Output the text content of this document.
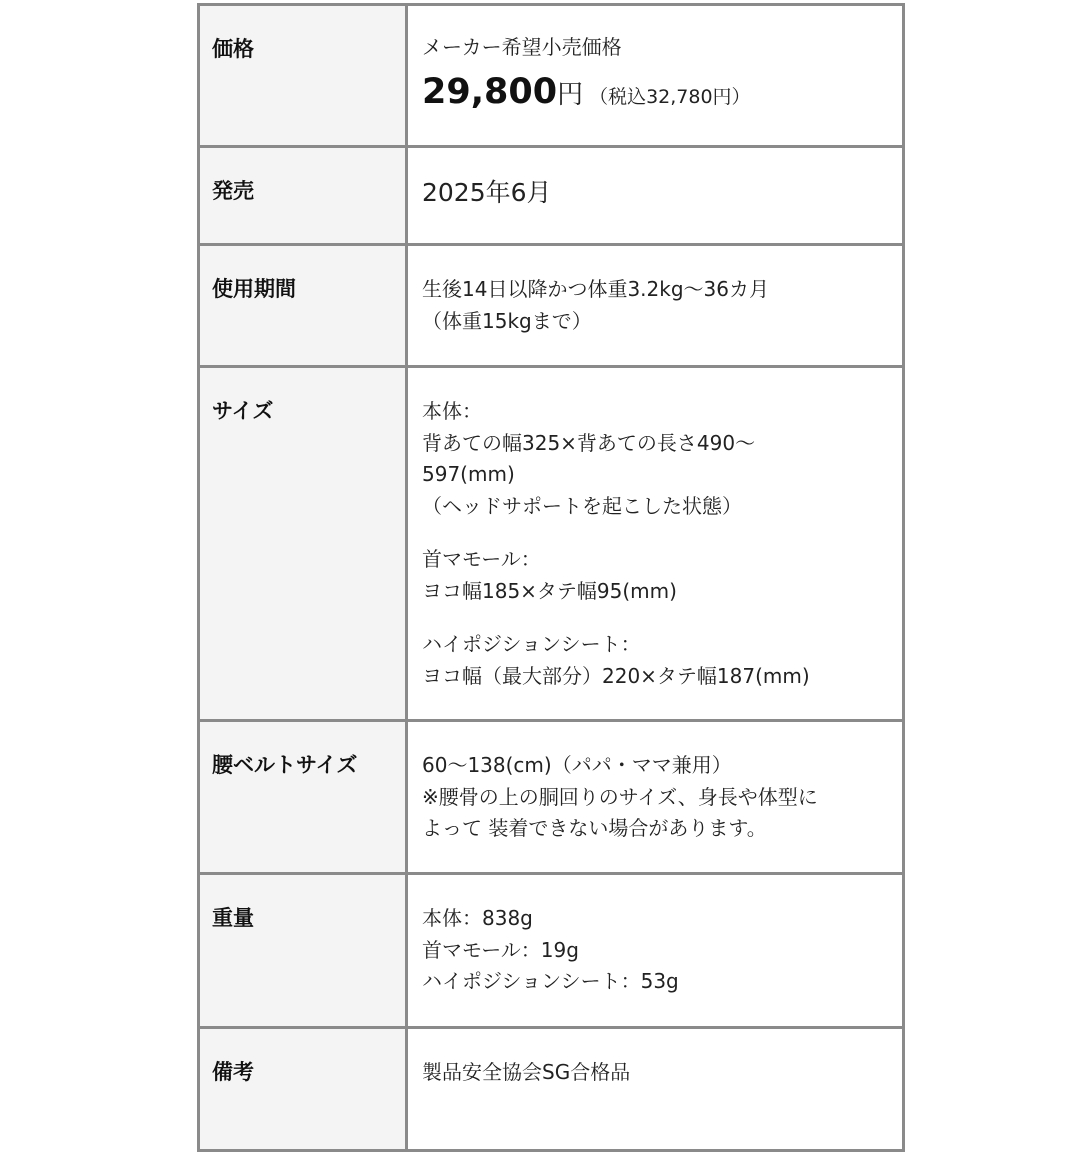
価格	メーカー希望小売価格
29,800円 （税込32,780円）
発売	2025年6月
使用期間	生後14日以降かつ体重3.2kg〜36カ月
（体重15kgまで）
サイズ	本体：
背あての幅325×背あての長さ490〜
597(mm)
（ヘッドサポートを起こした状態）
首マモール：
ヨコ幅185×タテ幅95(mm)
ハイポジションシート：
ヨコ幅（最大部分）220×タテ幅187(mm)
腰ベルトサイズ	60〜138(cm)（パパ・ママ兼用）
※腰骨の上の胴回りのサイズ、身長や体型に
よって 装着できない場合があります。
重量	本体：838g
首マモール：19g
ハイポジションシート：53g
備考	製品安全協会SG合格品
